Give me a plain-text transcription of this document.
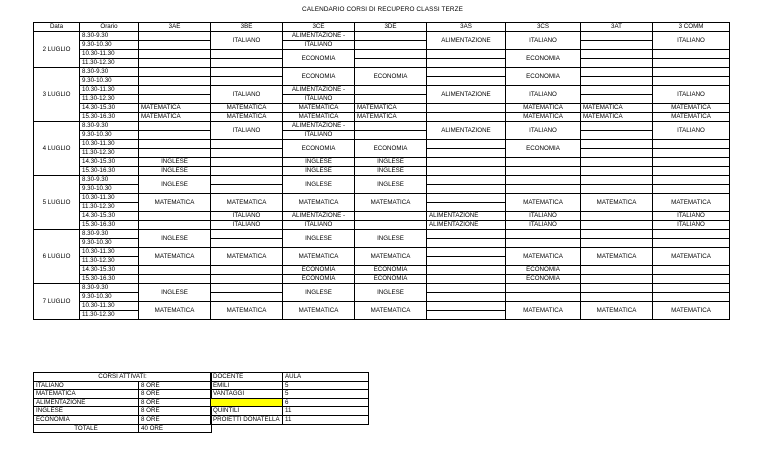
CALENDARIO CORSI DI RECUPERO CLASSI TERZE
Data	Orario	3AE	3BE	3CE	3DE	3AS	3CS	3AT	3 COMM
2 LUGLIO	8.30-9.30		ITALIANO	ALIMENTAZIONE -		ALIMENTAZIONE	ITALIANO		ITALIANO
	9.30-10.30			ITALIANO					
	10.30-11.30			ECONOMIA			ECONOMIA		
	11.30-12.30								
3 LUGLIO	8.30-9.30			ECONOMIA	ECONOMIA		ECONOMIA		
	9.30-10.30								
	10.30-11.30		ITALIANO	ALIMENTAZIONE -		ALIMENTAZIONE	ITALIANO		ITALIANO
	11.30-12.30			ITALIANO					
	14.30-15.30	MATEMATICA	MATEMATICA	MATEMATICA	MATEMATICA		MATEMATICA	MATEMATICA	MATEMATICA
	15.30-16.30	MATEMATICA	MATEMATICA	MATEMATICA	MATEMATICA		MATEMATICA	MATEMATICA	MATEMATICA
4 LUGLIO	8.30-9.30		ITALIANO	ALIMENTAZIONE -		ALIMENTAZIONE	ITALIANO		ITALIANO
	9.30-10.30			ITALIANO					
	10.30-11.30			ECONOMIA	ECONOMIA		ECONOMIA		
	11.30-12.30								
	14.30-15.30	INGLESE		INGLESE	INGLESE				
	15.30-16.30	INGLESE		INGLESE	INGLESE				
5 LUGLIO	8.30-9.30	INGLESE		INGLESE	INGLESE				
	9.30-10.30								
	10.30-11.30	MATEMATICA	MATEMATICA	MATEMATICA	MATEMATICA		MATEMATICA	MATEMATICA	MATEMATICA
	11.30-12.30								
	14.30-15.30		ITALIANO	ALIMENTAZIONE -		ALIMENTAZIONE	ITALIANO		ITALIANO
	15.30-16.30		ITALIANO	ITALIANO		ALIMENTAZIONE	ITALIANO		ITALIANO
6 LUGLIO	8.30-9.30	INGLESE		INGLESE	INGLESE				
	9.30-10.30								
	10.30-11.30	MATEMATICA	MATEMATICA	MATEMATICA	MATEMATICA		MATEMATICA	MATEMATICA	MATEMATICA
	11.30-12.30								
	14.30-15.30			ECONOMIA	ECONOMIA		ECONOMIA		
	15.30-16.30			ECONOMIA	ECONOMIA		ECONOMIA		
7 LUGLIO	8.30-9.30	INGLESE		INGLESE	INGLESE				
	9.30-10.30								
	10.30-11.30	MATEMATICA	MATEMATICA	MATEMATICA	MATEMATICA		MATEMATICA	MATEMATICA	MATEMATICA
	11.30-12.30								
CORSI ATTIVATI:	
ITALIANO	8 ORE
MATEMATICA	8 ORE
ALIMENTAZIONE	8 ORE
INGLESE	8 ORE
ECONOMIA	8 ORE
TOTALE	40 ORE
DOCENTE	AULA
EMILI	5
VANTAGGI	5
	6
QUINTILI	11
PROIETTI DONATELLA	11
